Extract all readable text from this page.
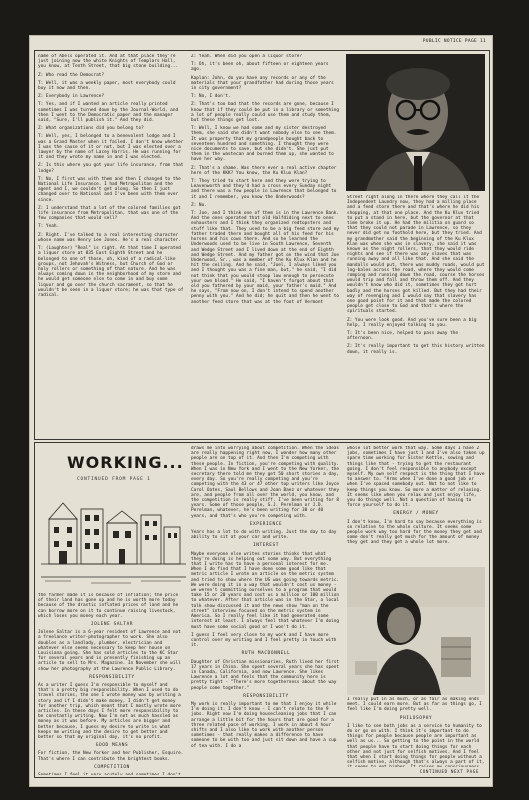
PUBLIC NOTICE PAGE 11

name of Abels operated it. And at that place they're just joining now the white Knights of Templars Hall, you know, at Tenth Street, that big stone building...

Z: Who read the Democrat?

T: Well, it was a weekly paper, most everybody could buy it now and then.

Z: Everybody in Lawrence?

T: Yes, and if I wanted an article really printed sometimes I was turned down by the Journal-World, and then I went to the Democratic paper and the manager said, "Sure, I'll publish it." And they did.

Z: What organizations did you belong to?

T: Well, yes, I belonged to a benevolent lodge and I was a Grand Master when it failed. I don't know whether I was the cause of it or not, but I was elected over a lawyer by the name of Lacey Harris. He was running for it and they wrote my name in and I was elected.

Z: Is this where you got your life insurance, from that lodge?

T: No, I first was with them and then I changed to the National Life Insurance. I had Metropolitan and the agent and I, we couldn't get along. So then I just changed over to National and I've been with them ever since.

Z: I understand that a lot of the colored families got life insurance from Metropolitan, that was one of the few companies that would sell?

T: Yeah.

Z: Right. I've talked to a real interesting character whose name was Henry Lee Jones. He's a real character.

T: (Laughter) "Real" is right. At that time I operated a liquor store at 835 East Eighth Street and he belonged to one of those, oh, kind of a radical-like groups, not Jehovah's Witness, but Church of God or holy rollers or something of that nature. And he was always coming down in the neighborhood of my store and he would get someone else to come in and buy some liquor and go over the church sacrament, so that he wouldn't be seen in a liquor store; he was that type of radical.

Z: Yeah. When did you open a liquor store?

T: Oh, it's been oh, about fifteen or eighteen years ago.

Kaplan: John, do you have any records or any of the materials that your grandfather had during those years in city government?

T: No, I don't.

Z: That's too bad that the records are gone, because I know that if they could be put in a library or something a lot of people really could use them and study them, but these things get lost.

T: Well, I know we had some and my sister destroyed them, she said she didn't want nobody else to see them. It was property that my grandpeople bought back to seventeen hundred and something. I thought they were nice documents to save, but she didn't. She just put them in the wastecan and burned them up, she wanted to have her way.

Z: That's a shame. Was there ever a real active chapter here of the KKK? You know, the Ku Klux Klan?

T: They tried to start here and they were trying to Leavenworth and they'd had a cross every Sunday night and there was a few people in Lawrence that belonged to it and I remember, you know the Underwoods?

Z: No.

T: Joe, and I think one of them is in the Lawrence Bank. And the ones operated that old Halfdiding next to ones exhausters and I think they organized redtopsters and stuff like that. They used to be a big feed store and my father traded there and bought all of his feed for his horses and his cows there. And so he learned the Underwoods used to be live in South Lawrence, Seventh and Wedge Street and I lived down at the end of Eighth and Wedge Street. And my father got on the wind that Joe Underwood, Sr., was a member of the Ku Klux Klan and he hit the ceiling. And he said, "Joel, I always liked you and I thought you was a fine man, but," he said, "I did not think that you would stoop low enough to persecute your own blood." He said, "I haven't forgot about that old you fathered by your maid, your father's maid." And he says, "From now on, I don't intend to spend another penny with you." And he did; he quit and then he went to another feed store that was at the foot of Vermont

Street right along in there where they call it the Independent Laundry now, they had a milling place and a feed store there and that's where he did his shopping, at that one place. And the Ku Klux tried to put a stand in here, but the governor at that time broke it up. He had the militia on guard so that they could not parade in Lawrence, so they never did get no foothold here, but they tried. And my grandmother said the beginning of the Ku Klux Klan was when she was in slavery, she said it was known as the night rollers, that they would ride nights and see if there was any slaves that was running away and all like that. And she said the mandalls would put, there was muddy roads, would put log-bales across the road, where they would come romping and running down the road, course the horses would trip and fall and throw them off. And they wouldn't know who did it, sometimes they got hurt badly and the horses got killed. But they had their way of revenging and I would say that slavery has one good point for it and that made the colored people get close to God and that's where the spirituals started.

Z: You were look good. And you've sure been a big help, I really enjoyed talking to you.

T: It's been nice, helped to pass away the afternoon.

Z: It's really important to get this history written down, it really is.

WORKING...
CONTINUED FROM PAGE 1

the farmer made it is because of inflation; the price of their land has gone up and he is worth more today because of the drastic inflated prices of land and he can borrow more on it to continue raising livestock, which loses you money each year.

JOLENE SALTAR

Jolene Saltar is a 6-year resident of Lawrence and not a freelance writer-photographer to work. She also doubles as a landlady, plumber, electrician and whatever else seems necessary to keep her house on Louisiana going. She has sold articles to the KC Star for several years and is presently finishing up an article to sell to Mrs. Magazine. In November she will show her photography at the Lawrence Public Library.

RESPONSIBILITY

As a writer I guess I'm responsible to myself and that's a pretty big responsibility. When I used to do travel stories, the one I wrote money was by writing a story and if I didn't make money, I didn't get money for another trip, which meant that I mostly wrote more articles. In these days I felt more responsibility to be constantly writing. Now I'm not as much hassled as money as it was before. My articles are bigger and better because, I guess my desire to write is what keeps me writing and the desire to get better and better so that my original day, it's no profit.

GOOD MEANS

For fiction, the New Yorker and her Publisher, Esquire. That's where I can contribute the brightest books.

COMPETITION

draws me into worrying about competition. When the ideas are really happening right now, I wonder how many other people are on top of it. And then I'm competing with these people. In fiction, you're competing with quality. When I was in New York and I went to the New Yorker, the secretary there told me they get 50 short stories a day, every day. So you're really competing and you're competing with the 43 or 47 other top writers like Joyce Carol Oates, Saul Bellows and Joan Baez or whatever they are, and people from all over the world, you know, and the competition is really stiff. I've been writing for 8 years. Some of those people, S.J. Perelman or J.D. Perelman, whatever, he's been writing for 30 or 40 years, and that's who you're competing with.

EXPERIENCE

Years has a lot to do with writing. Just the day to day ability to sit at your car and write.

INTEREST

Maybe everyone else writes stories thinks that what they're doing is helping out some way. But everything that I write has to have a personal interest for me. When I do find that I have done some good like that metric article I wrote an article on the metric system and tried to show where the US was going towards metric. We were doing it in a way that wouldn't cost us money - we weren't committing ourselves to a program that would take 15 or 20 years and cost us a million or 100 million to whatever. After that article was in the Star, a local talk show discussed it and the news show "man on the street" interview focused on the metric system in America. So I really feel like it had generated some interest at least. I always feel that whatever I'm doing must have some social good or I won't do it.

I guess I feel very close to my work and I have more control over my writing and I feel pretty in touch with it.

RUTH MACDONNELL

Daughter of Christian missionaries, Ruth lived her first 17 years in China. She spent several years she has spent in Canada, California, and now Lawrence. She likes Lawrence a lot and feels that the community here is pretty tight - "There's more togetherness about the way people come together."

RESPONSIBILITY

My work is really important to me that I enjoy it while I'm doing it. I don't know - I can't relate to the 9 jobs. Right now I'm doing housecleaning jobs that I can arrange a little bit for the hours that are good for a three related pace of working. I work in about 4 hour shifts and I also like to work with another person sometimes - that really makes a difference to have someone to be with too and just sit down and have a cup of tea with. I do a

whole lot better work that way. Some days I have 2 jobs, sometimes I have just 1 and I've also taken up spare time working for Sister Kettle, sewing and things like that - trying to get the restaurant going. I don't feel responsible to anybody except myself. My own self respect is the thing that I have to answer to. "Arms when I've done a good job or when I've spaced somebody out. Not to not like to keep things you know. So more a matter of relaxing. It seems like when you relax and just enjoy life, you do things well. Not a question of having to force yourself to do it.

ENERGY / MONEY

I don't know, I'm hard to say because everything is so relative to the whole culture. It seems some people work way too hard for the money they get and some don't really get much for the amount of money they get and they get a whole lot more.

I really put in as much, or as fair as making ends meet. I could earn more. But as far as things go, I feel like I'm doing pretty well.

PHILOSOPHY

I like to see both jobs as a service to humanity to do or go on with. I think it's important to do things for people because people are important as well as us... So getting to the point in the world that people have to start doing things for each other and not just for selfish motives. And I feel that when I start doing things for people without a selfish motive, although that's always a part of it,

CONTINUED NEXT PAGE
